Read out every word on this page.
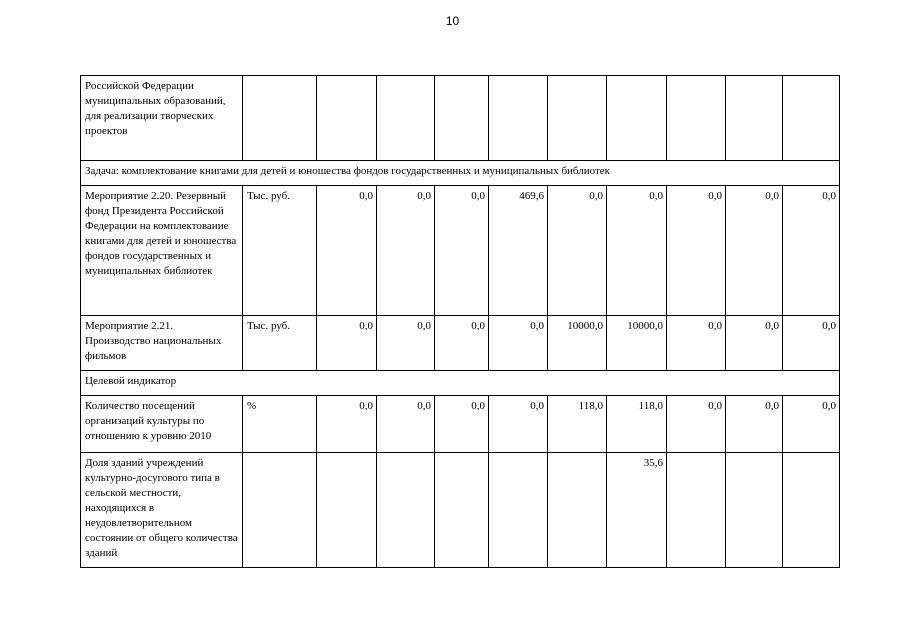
10
Российской Федерации муниципальных образований, для реализации творческих проектов										
Задача: комплектование книгами для детей и юношества фондов государственных и муниципальных библиотек										
Мероприятие 2.20. Резервный фонд Президента Российской Федерации на комплектование книгами для детей и юношества фондов государственных и муниципальных библиотек	Тыс. руб.	0,0	0,0	0,0	469,6	0,0	0,0	0,0	0,0	0,0
Мероприятие 2.21. Производство национальных фильмов	Тыс. руб.	0,0	0,0	0,0	0,0	10000,0	10000,0	0,0	0,0	0,0
Целевой индикатор										
Количество посещений организаций культуры по отношению к уровню 2010	%	0,0	0,0	0,0	0,0	118,0	118,0	0,0	0,0	0,0
Доля зданий учреждений культурно-досугового типа в сельской местности, находящихся в неудовлетворительном состоянии от общего количества зданий							35,6			
